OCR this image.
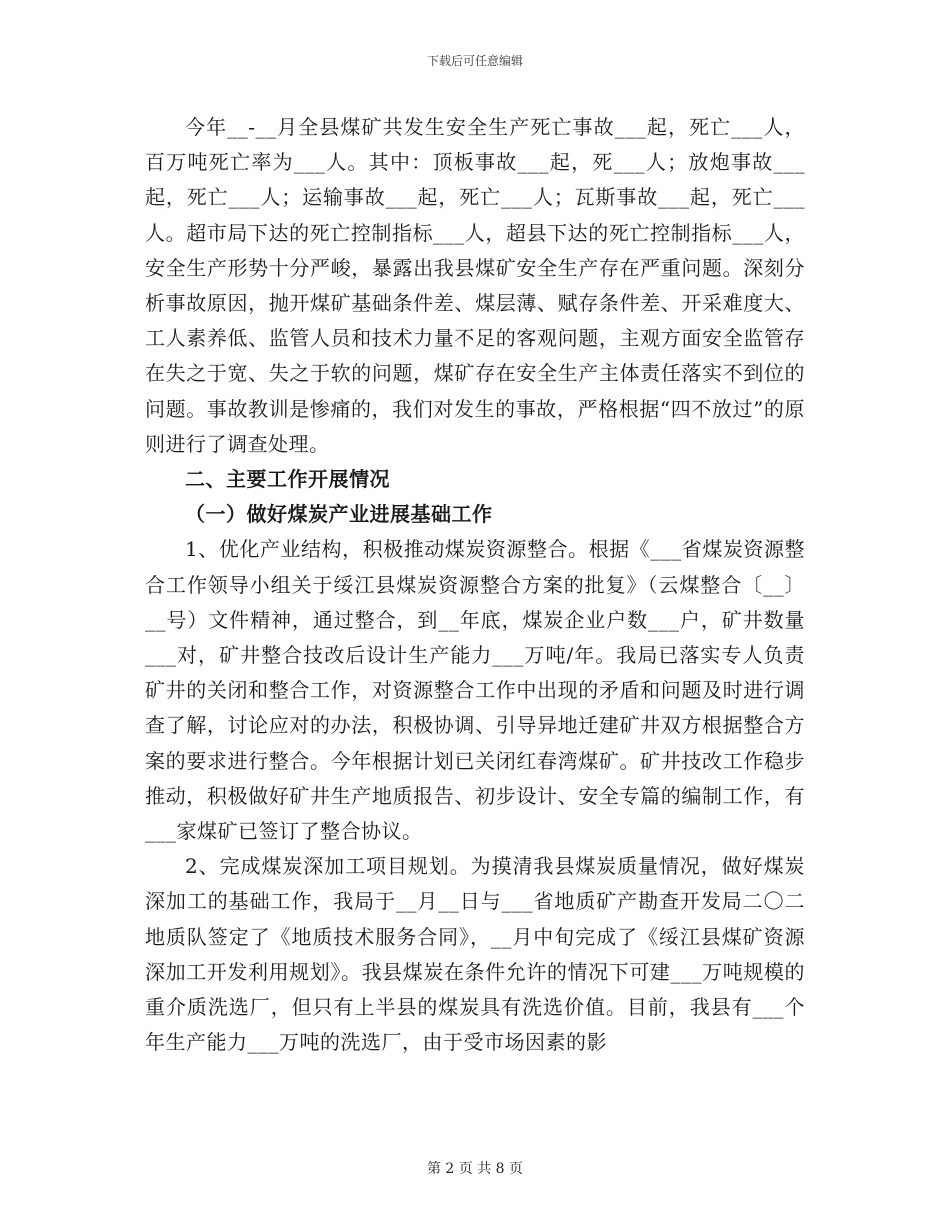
下载后可任意编辑

今年__-__月全县煤矿共发生安全生产死亡事故___起，死亡___人，百万吨死亡率为___人。其中：顶板事故___起，死___人；放炮事故___起，死亡___人；运输事故___起，死亡___人；瓦斯事故___起，死亡___人。超市局下达的死亡控制指标___人，超县下达的死亡控制指标___人，安全生产形势十分严峻，暴露出我县煤矿安全生产存在严重问题。深刻分析事故原因，抛开煤矿基础条件差、煤层薄、赋存条件差、开采难度大、工人素养低、监管人员和技术力量不足的客观问题，主观方面安全监管存在失之于宽、失之于软的问题，煤矿存在安全生产主体责任落实不到位的问题。事故教训是惨痛的，我们对发生的事故，严格根据“四不放过”的原则进行了调查处理。

二、主要工作开展情况

（一）做好煤炭产业进展基础工作

1、优化产业结构，积极推动煤炭资源整合。根据《___省煤炭资源整合工作领导小组关于绥江县煤炭资源整合方案的批复》（云煤整合〔__〕__号）文件精神，通过整合，到__年底，煤炭企业户数___户，矿井数量___对，矿井整合技改后设计生产能力___万吨/年。我局已落实专人负责矿井的关闭和整合工作，对资源整合工作中出现的矛盾和问题及时进行调查了解，讨论应对的办法，积极协调、引导异地迁建矿井双方根据整合方案的要求进行整合。今年根据计划已关闭红春湾煤矿。矿井技改工作稳步推动，积极做好矿井生产地质报告、初步设计、安全专篇的编制工作，有___家煤矿已签订了整合协议。

2、完成煤炭深加工项目规划。为摸清我县煤炭质量情况，做好煤炭深加工的基础工作，我局于__月__日与___省地质矿产勘查开发局二〇二地质队签定了《地质技术服务合同》，__月中旬完成了《绥江县煤矿资源深加工开发利用规划》。我县煤炭在条件允许的情况下可建___万吨规模的重介质洗选厂，但只有上半县的煤炭具有洗选价值。目前，我县有___个年生产能力___万吨的洗选厂，由于受市场因素的影

第 2 页 共 8 页
